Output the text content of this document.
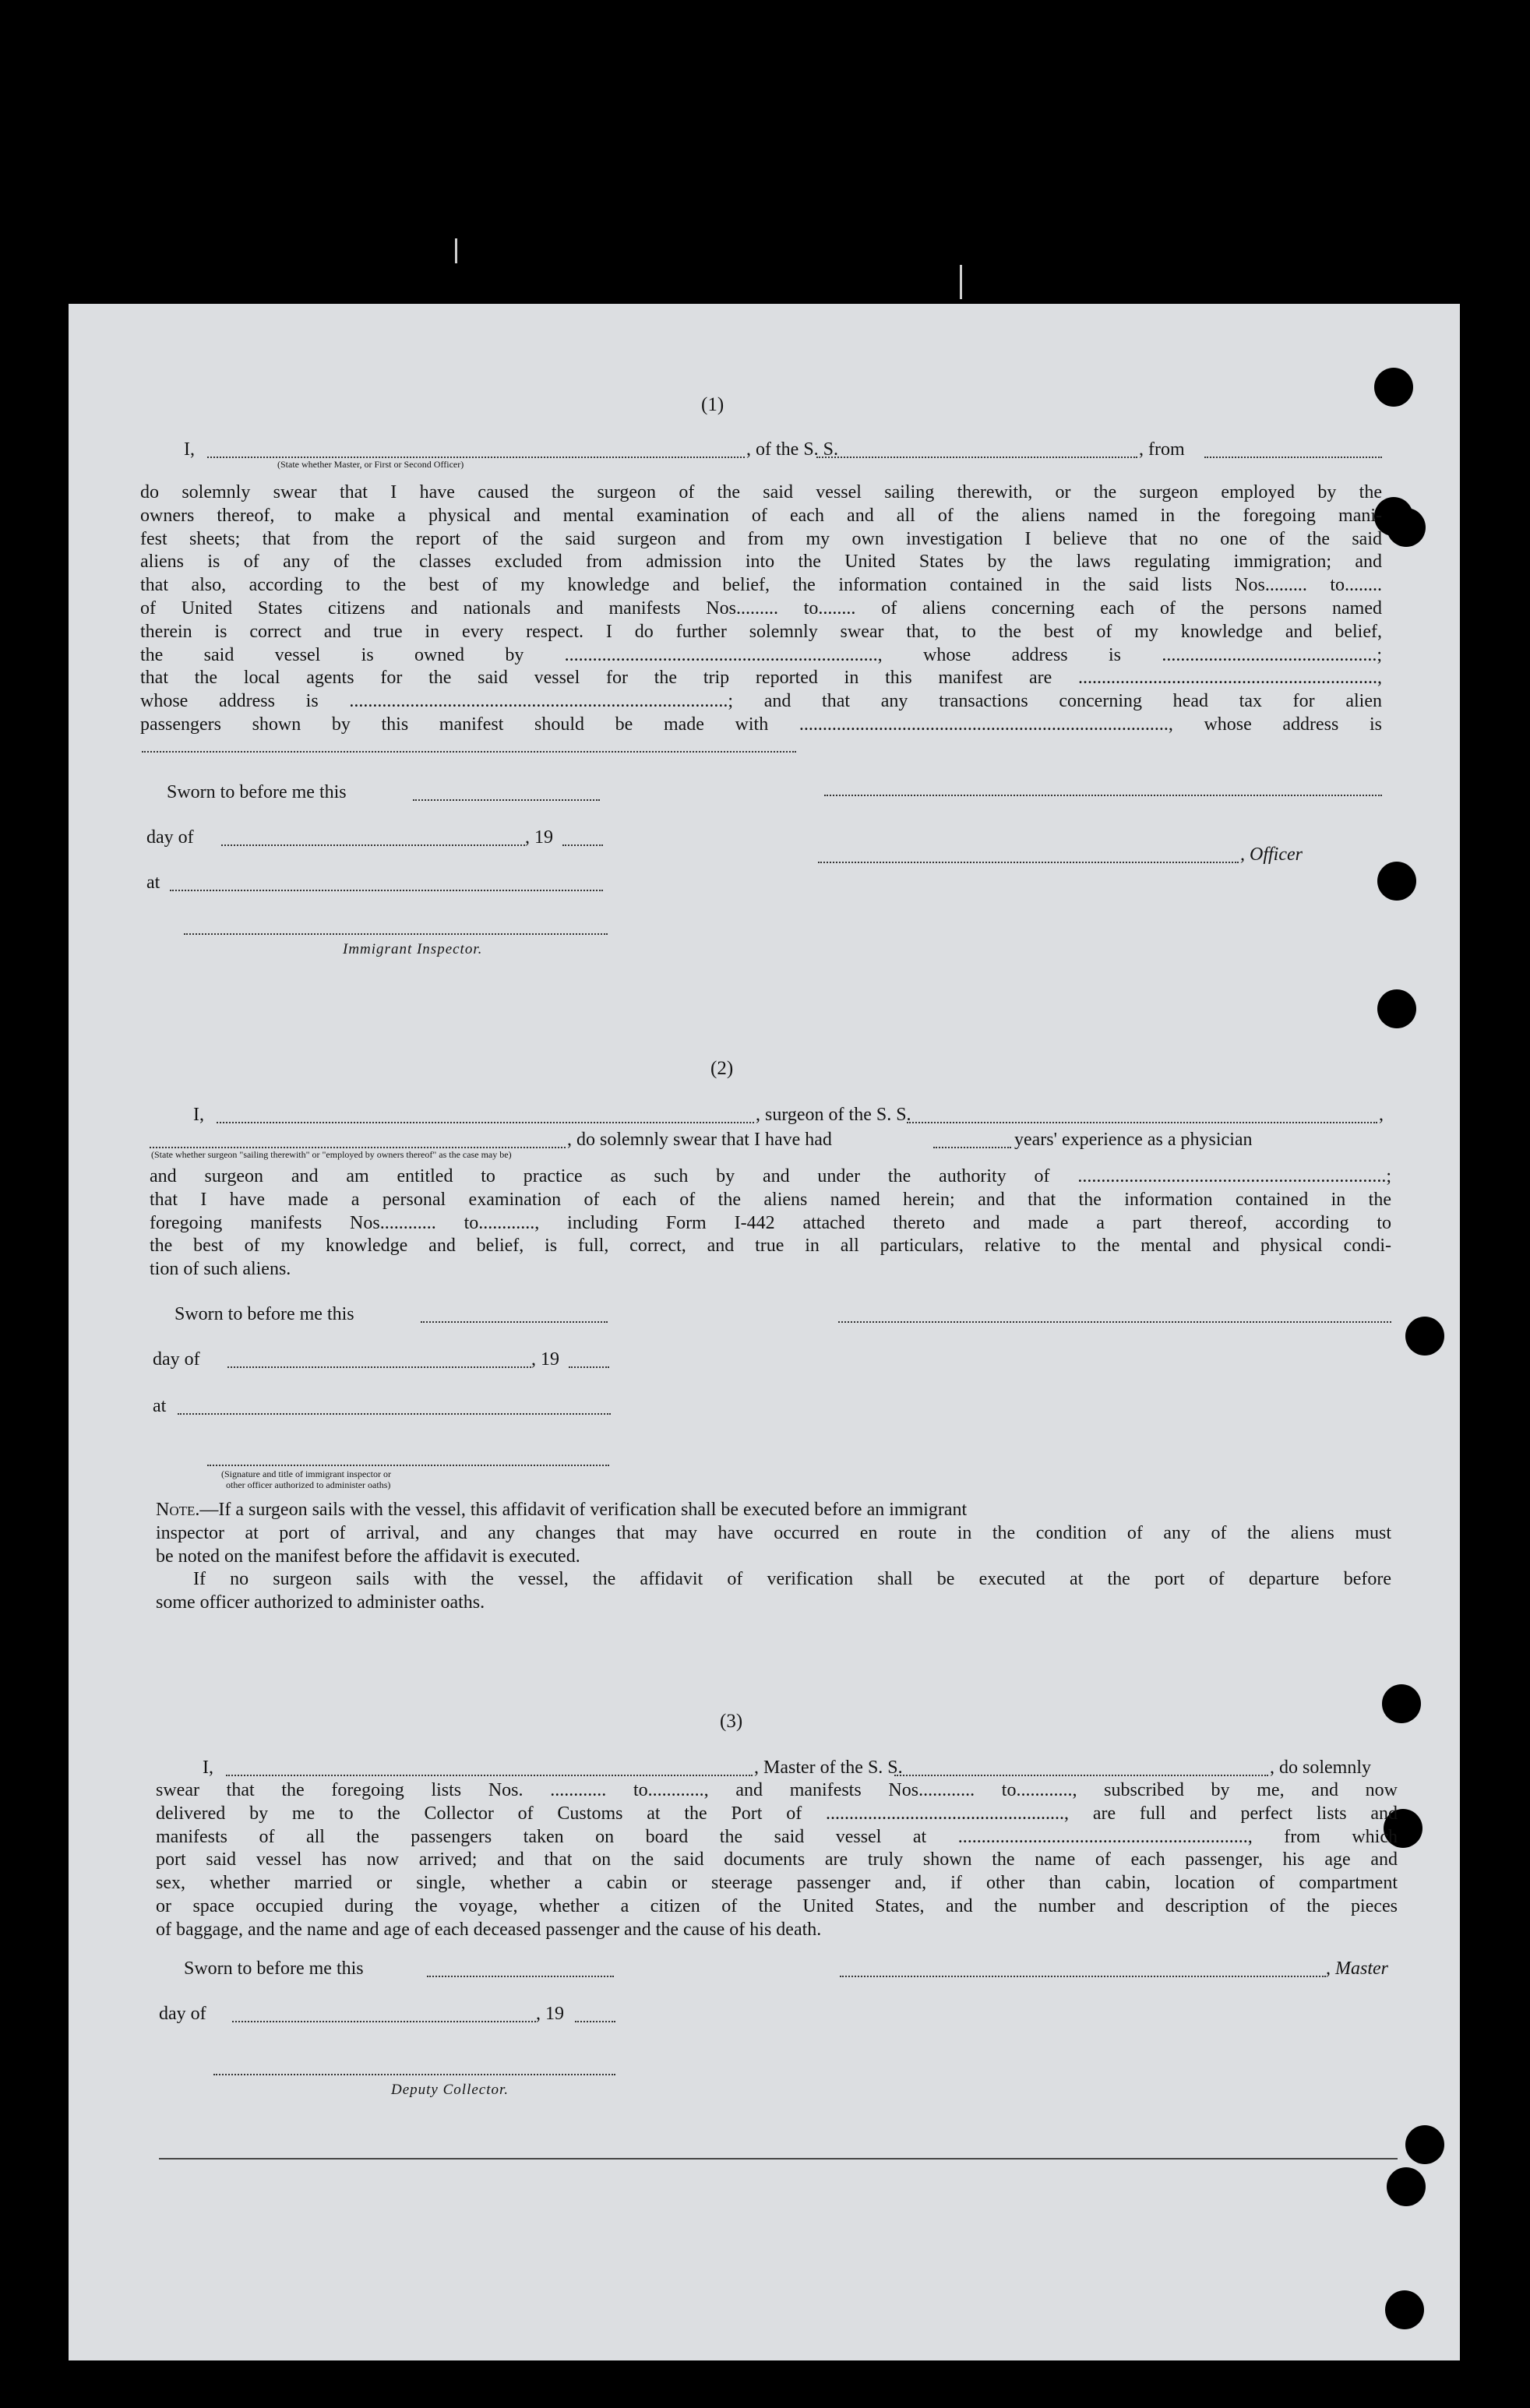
(1)
I,	, of the S. S.	, from
(State whether Master, or First or Second Officer)
do solemnly swear that I have caused the surgeon of the said vessel sailing therewith, or the surgeon employed by the
owners thereof, to make a physical and mental examination of each and all of the aliens named in the foregoing mani-
fest sheets; that from the report of the said surgeon and from my own investigation I believe that no one of the said
aliens is of any of the classes excluded from admission into the United States by the laws regulating immigration; and
that also, according to the best of my knowledge and belief, the information contained in the said lists Nos......... to........
of United States citizens and nationals and manifests Nos......... to........ of aliens concerning each of the persons named
therein is correct and true in every respect. I do further solemnly swear that, to the best of my knowledge and belief,
the said vessel is owned by ..................................................................., whose address is ..............................................;
that the local agents for the said vessel for the trip reported in this manifest are ................................................................,
whose address is .................................................................................; and that any transactions concerning head tax for alien
passengers shown by this manifest should be made with ..............................................................................., whose address is
Sworn to before me this
day of	, 19
, Officer
at
Immigrant Inspector.
(2)
I,	, surgeon of the S. S.	,
, do solemnly swear that I have had	years' experience as a physician
(State whether surgeon "sailing therewith" or "employed by owners thereof" as the case may be)
and surgeon and am entitled to practice as such by and under the authority of ..................................................................;
that I have made a personal examination of each of the aliens named herein; and that the information contained in the
foregoing manifests Nos............ to............, including Form I-442 attached thereto and made a part thereof, according to
the best of my knowledge and belief, is full, correct, and true in all particulars, relative to the mental and physical condi-
tion of such aliens.
Sworn to before me this
day of	, 19
at
(Signature and title of immigrant inspector or
other officer authorized to administer oaths)
Note.—If a surgeon sails with the vessel, this affidavit of verification shall be executed before an immigrant
inspector at port of arrival, and any changes that may have occurred en route in the condition of any of the aliens must
be noted on the manifest before the affidavit is executed.
If no surgeon sails with the vessel, the affidavit of verification shall be executed at the port of departure before
some officer authorized to administer oaths.
(3)
I,	, Master of the S. S.	, do solemnly
swear that the foregoing lists Nos. ............ to............, and manifests Nos............ to............, subscribed by me, and now
delivered by me to the Collector of Customs at the Port of ..................................................., are full and perfect lists and
manifests of all the passengers taken on board the said vessel at .............................................................., from which
port said vessel has now arrived; and that on the said documents are truly shown the name of each passenger, his age and
sex, whether married or single, whether a cabin or steerage passenger and, if other than cabin, location of compartment
or space occupied during the voyage, whether a citizen of the United States, and the number and description of the pieces
of baggage, and the name and age of each deceased passenger and the cause of his death.
Sworn to before me this	, Master
day of	, 19
Deputy Collector.
